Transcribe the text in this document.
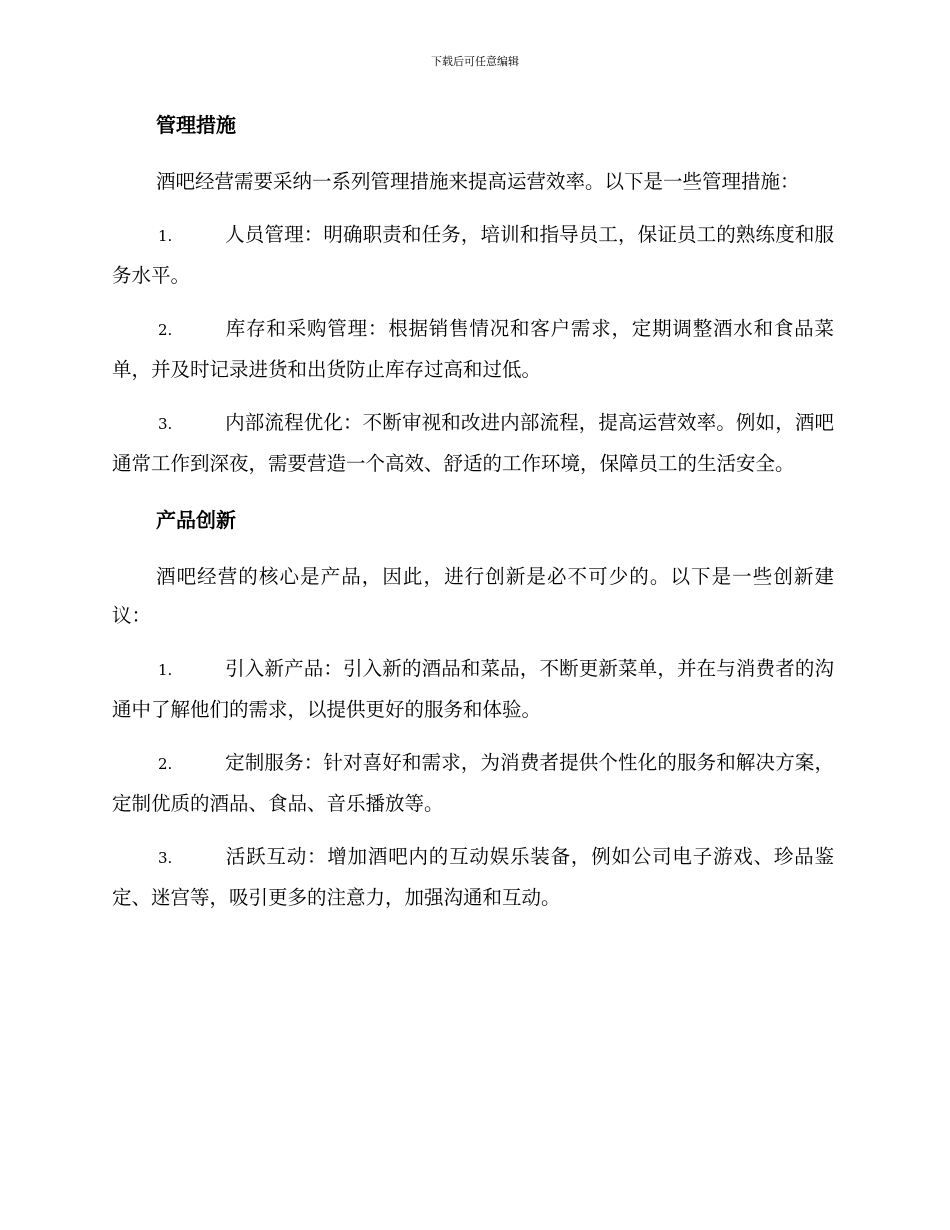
下载后可任意编辑
管理措施
酒吧经营需要采纳一系列管理措施来提高运营效率。以下是一些管理措施：
1.	人员管理：明确职责和任务，培训和指导员工，保证员工的熟练度和服务水平。
2.	库存和采购管理：根据销售情况和客户需求，定期调整酒水和食品菜单，并及时记录进货和出货防止库存过高和过低。
3.	内部流程优化：不断审视和改进内部流程，提高运营效率。例如，酒吧通常工作到深夜，需要营造一个高效、舒适的工作环境，保障员工的生活安全。
产品创新
酒吧经营的核心是产品，因此，进行创新是必不可少的。以下是一些创新建议：
1.	引入新产品：引入新的酒品和菜品，不断更新菜单，并在与消费者的沟通中了解他们的需求，以提供更好的服务和体验。
2.	定制服务：针对喜好和需求，为消费者提供个性化的服务和解决方案，定制优质的酒品、食品、音乐播放等。
3.	活跃互动：增加酒吧内的互动娱乐装备，例如公司电子游戏、珍品鉴定、迷宫等，吸引更多的注意力，加强沟通和互动。
